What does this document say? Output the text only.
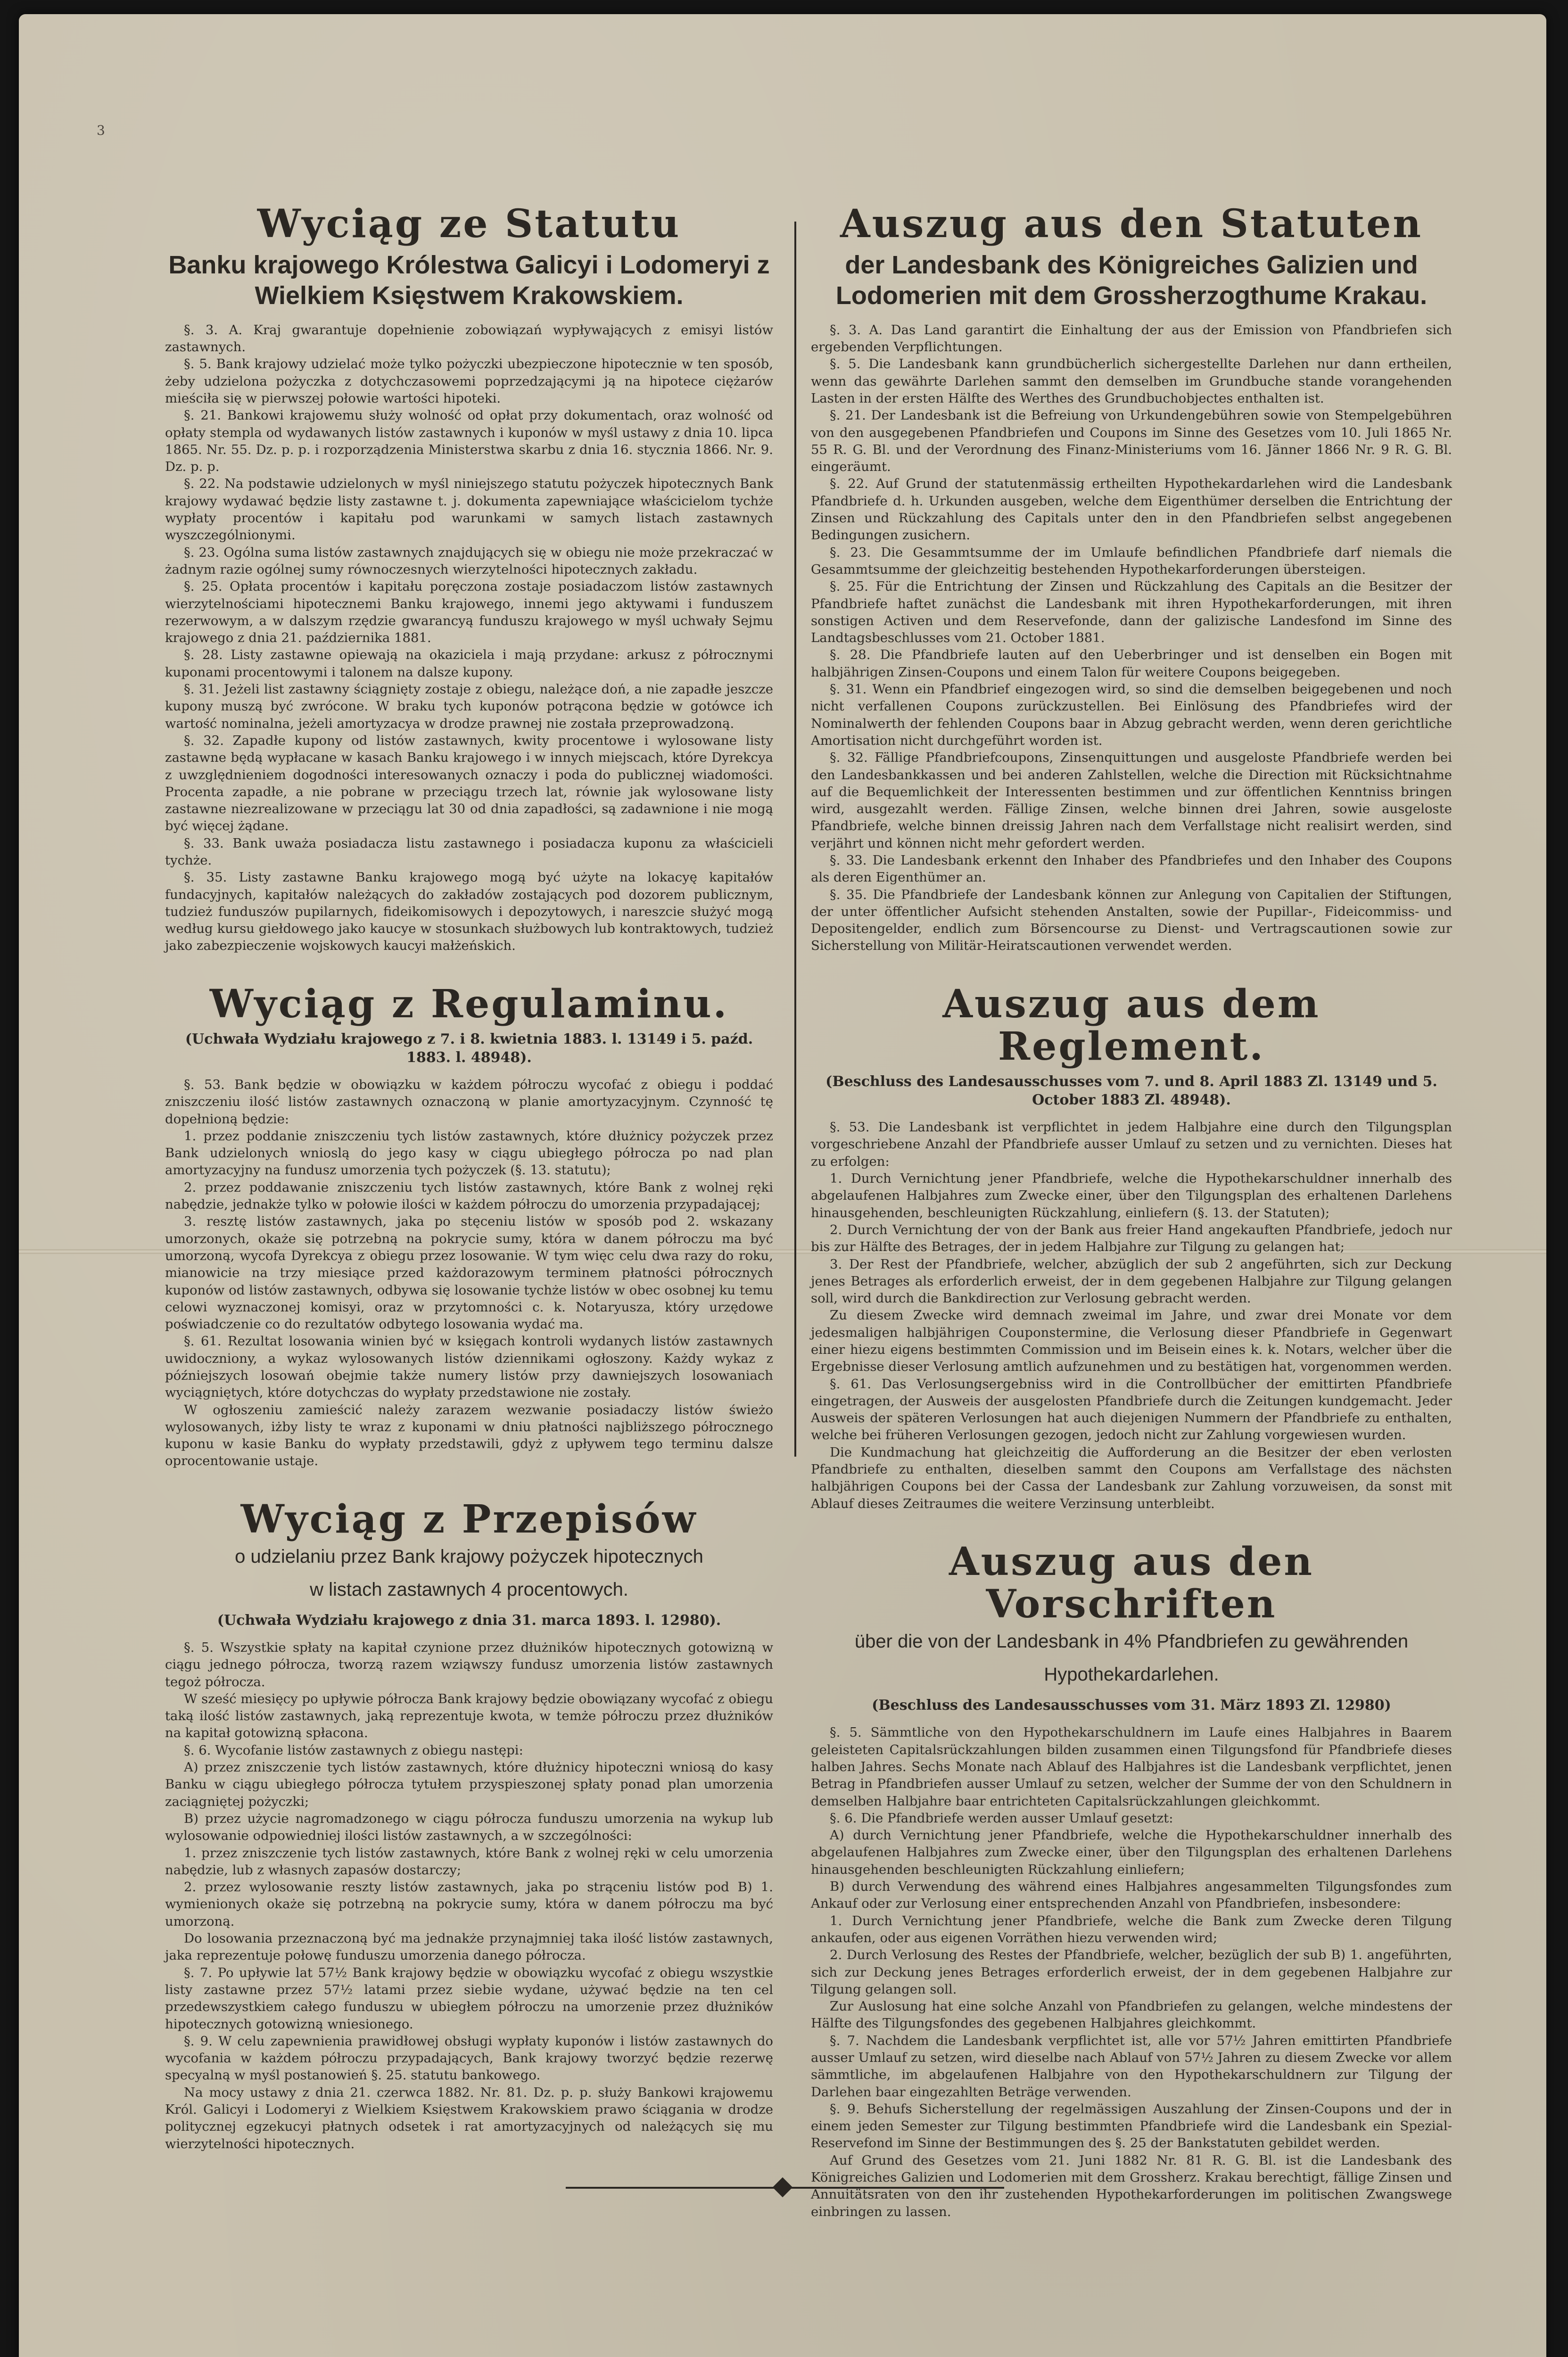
3
Wyciąg ze Statutu
Banku krajowego Królestwa Galicyi i Lodomeryi z Wielkiem Księstwem Krakowskiem.

§. 3. A. Kraj gwarantuje dopełnienie zobowiązań wypływających z emisyi listów zastawnych.

§. 5. Bank krajowy udzielać może tylko pożyczki ubezpieczone hipotecznie w ten sposób, żeby udzielona pożyczka z dotychczasowemi poprzedzającymi ją na hipotece ciężarów mieściła się w pierwszej połowie wartości hipoteki.

§. 21. Bankowi krajowemu służy wolność od opłat przy dokumentach, oraz wolność od opłaty stempla od wydawanych listów zastawnych i kuponów w myśl ustawy z dnia 10. lipca 1865. Nr. 55. Dz. p. p. i rozporządzenia Ministerstwa skarbu z dnia 16. stycznia 1866. Nr. 9. Dz. p. p.

§. 22. Na podstawie udzielonych w myśl niniejszego statutu pożyczek hipotecznych Bank krajowy wydawać będzie listy zastawne t. j. dokumenta zapewniające właścicielom tychże wypłaty procentów i kapitału pod warunkami w samych listach zastawnych wyszczególnionymi.

§. 23. Ogólna suma listów zastawnych znajdujących się w obiegu nie może przekraczać w żadnym razie ogólnej sumy równoczesnych wierzytelności hipotecznych zakładu.

§. 25. Opłata procentów i kapitału poręczona zostaje posiadaczom listów zastawnych wierzytelnościami hipotecznemi Banku krajowego, innemi jego aktywami i funduszem rezerwowym, a w dalszym rzędzie gwarancyą funduszu krajowego w myśl uchwały Sejmu krajowego z dnia 21. października 1881.

§. 28. Listy zastawne opiewają na okaziciela i mają przydane: arkusz z półrocznymi kuponami procentowymi i talonem na dalsze kupony.

§. 31. Jeżeli list zastawny ściągnięty zostaje z obiegu, należące doń, a nie zapadłe jeszcze kupony muszą być zwrócone. W braku tych kuponów potrącona będzie w gotówce ich wartość nominalna, jeżeli amortyzacya w drodze prawnej nie została przeprowadzoną.

§. 32. Zapadłe kupony od listów zastawnych, kwity procentowe i wylosowane listy zastawne będą wypłacane w kasach Banku krajowego i w innych miejscach, które Dyrekcya z uwzględnieniem dogodności interesowanych oznaczy i poda do publicznej wiadomości. Procenta zapadłe, a nie pobrane w przeciągu trzech lat, równie jak wylosowane listy zastawne niezrealizowane w przeciągu lat 30 od dnia zapadłości, są zadawnione i nie mogą być więcej żądane.

§. 33. Bank uważa posiadacza listu zastawnego i posiadacza kuponu za właścicieli tychże.

§. 35. Listy zastawne Banku krajowego mogą być użyte na lokacyę kapitałów fundacyjnych, kapitałów należących do zakładów zostających pod dozorem publicznym, tudzież funduszów pupilarnych, fideikomisowych i depozytowych, i nareszcie służyć mogą według kursu giełdowego jako kaucye w stosunkach służbowych lub kontraktowych, tudzież jako zabezpieczenie wojskowych kaucyi małżeńskich.

Wyciąg z Regulaminu.

(Uchwała Wydziału krajowego z 7. i 8. kwietnia 1883. l. 13149 i 5. paźd. 1883. l. 48948).

§. 53. Bank będzie w obowiązku w każdem półroczu wycofać z obiegu i poddać zniszczeniu ilość listów zastawnych oznaczoną w planie amortyzacyjnym. Czynność tę dopełnioną będzie:

1. przez poddanie zniszczeniu tych listów zastawnych, które dłużnicy pożyczek przez Bank udzielonych wnioslą do jego kasy w ciągu ubiegłego półrocza po nad plan amortyzacyjny na fundusz umorzenia tych pożyczek (§. 13. statutu);

2. przez poddawanie zniszczeniu tych listów zastawnych, które Bank z wolnej ręki nabędzie, jednakże tylko w połowie ilości w każdem półroczu do umorzenia przypadającej;

3. resztę listów zastawnych, jaka po stęceniu listów w sposób pod 2. wskazany umorzonych, okaże się potrzebną na pokrycie sumy, która w danem półroczu ma być umorzoną, wycofa Dyrekcya z obiegu przez losowanie. W tym więc celu dwa razy do roku, mianowicie na trzy miesiące przed każdorazowym terminem płatności półrocznych kuponów od listów zastawnych, odbywa się losowanie tychże listów w obec osobnej ku temu celowi wyznaczonej komisyi, oraz w przytomności c. k. Notaryusza, który urzędowe poświadczenie co do rezultatów odbytego losowania wydać ma.

§. 61. Rezultat losowania winien być w księgach kontroli wydanych listów zastawnych uwidoczniony, a wykaz wylosowanych listów dziennikami ogłoszony. Każdy wykaz z późniejszych losowań obejmie także numery listów przy dawniejszych losowaniach wyciągniętych, które dotychczas do wypłaty przedstawione nie zostały.

W ogłoszeniu zamieścić należy zarazem wezwanie posiadaczy listów świeżo wylosowanych, iżby listy te wraz z kuponami w dniu płatności najbliższego półrocznego kuponu w kasie Banku do wypłaty przedstawili, gdyż z upływem tego terminu dalsze oprocentowanie ustaje.

Wyciąg z Przepisów

o udzielaniu przez Bank krajowy pożyczek hipotecznych

w listach zastawnych 4 procentowych.

(Uchwała Wydziału krajowego z dnia 31. marca 1893. l. 12980).

§. 5. Wszystkie spłaty na kapitał czynione przez dłużników hipotecznych gotowizną w ciągu jednego półrocza, tworzą razem wziąwszy fundusz umorzenia listów zastawnych tegoż półrocza.

W sześć miesięcy po upływie półrocza Bank krajowy będzie obowiązany wycofać z obiegu taką ilość listów zastawnych, jaką reprezentuje kwota, w temże półroczu przez dłużników na kapitał gotowizną spłacona.

§. 6. Wycofanie listów zastawnych z obiegu następi:

A) przez zniszczenie tych listów zastawnych, które dłużnicy hipoteczni wniosą do kasy Banku w ciągu ubiegłego półrocza tytułem przyspieszonej spłaty ponad plan umorzenia zaciągniętej pożyczki;

B) przez użycie nagromadzonego w ciągu półrocza funduszu umorzenia na wykup lub wylosowanie odpowiedniej ilości listów zastawnych, a w szczególności:

1. przez zniszczenie tych listów zastawnych, które Bank z wolnej ręki w celu umorzenia nabędzie, lub z własnych zapasów dostarczy;

2. przez wylosowanie reszty listów zastawnych, jaka po strąceniu listów pod B) 1. wymienionych okaże się potrzebną na pokrycie sumy, która w danem półroczu ma być umorzoną.

Do losowania przeznaczoną być ma jednakże przynajmniej taka ilość listów zastawnych, jaka reprezentuje połowę funduszu umorzenia danego półrocza.

§. 7. Po upływie lat 57½ Bank krajowy będzie w obowiązku wycofać z obiegu wszystkie listy zastawne przez 57½ latami przez siebie wydane, używać będzie na ten cel przedewszystkiem całego funduszu w ubiegłem półroczu na umorzenie przez dłużników hipotecznych gotowizną wniesionego.

§. 9. W celu zapewnienia prawidłowej obsługi wypłaty kuponów i listów zastawnych do wycofania w każdem półroczu przypadających, Bank krajowy tworzyć będzie rezerwę specyalną w myśl postanowień §. 25. statutu bankowego.

Na mocy ustawy z dnia 21. czerwca 1882. Nr. 81. Dz. p. p. służy Bankowi krajowemu Król. Galicyi i Lodomeryi z Wielkiem Księstwem Krakowskiem prawo ściągania w drodze politycznej egzekucyi płatnych odsetek i rat amortyzacyjnych od należących się mu wierzytelności hipotecznych.

Auszug aus den Statuten
der Landesbank des Königreiches Galizien und Lodomerien mit dem Grossherzogthume Krakau.

§. 3. A. Das Land garantirt die Einhaltung der aus der Emission von Pfandbriefen sich ergebenden Verpflichtungen.

§. 5. Die Landesbank kann grundbücherlich sichergestellte Darlehen nur dann ertheilen, wenn das gewährte Darlehen sammt den demselben im Grundbuche stande vorangehenden Lasten in der ersten Hälfte des Werthes des Grundbuchobjectes enthalten ist.

§. 21. Der Landesbank ist die Befreiung von Urkundengebühren sowie von Stempelgebühren von den ausgegebenen Pfandbriefen und Coupons im Sinne des Gesetzes vom 10. Juli 1865 Nr. 55 R. G. Bl. und der Verordnung des Finanz-Ministeriums vom 16. Jänner 1866 Nr. 9 R. G. Bl. eingeräumt.

§. 22. Auf Grund der statutenmässig ertheilten Hypothekardarlehen wird die Landesbank Pfandbriefe d. h. Urkunden ausgeben, welche dem Eigenthümer derselben die Entrichtung der Zinsen und Rückzahlung des Capitals unter den in den Pfandbriefen selbst angegebenen Bedingungen zusichern.

§. 23. Die Gesammtsumme der im Umlaufe befindlichen Pfandbriefe darf niemals die Gesammtsumme der gleichzeitig bestehenden Hypothekarforderungen übersteigen.

§. 25. Für die Entrichtung der Zinsen und Rückzahlung des Capitals an die Besitzer der Pfandbriefe haftet zunächst die Landesbank mit ihren Hypothekarforderungen, mit ihren sonstigen Activen und dem Reservefonde, dann der galizische Landesfond im Sinne des Landtagsbeschlusses vom 21. October 1881.

§. 28. Die Pfandbriefe lauten auf den Ueberbringer und ist denselben ein Bogen mit halbjährigen Zinsen-Coupons und einem Talon für weitere Coupons beigegeben.

§. 31. Wenn ein Pfandbrief eingezogen wird, so sind die demselben beigegebenen und noch nicht verfallenen Coupons zurückzustellen. Bei Einlösung des Pfandbriefes wird der Nominalwerth der fehlenden Coupons baar in Abzug gebracht werden, wenn deren gerichtliche Amortisation nicht durchgeführt worden ist.

§. 32. Fällige Pfandbriefcoupons, Zinsenquittungen und ausgeloste Pfandbriefe werden bei den Landesbankkassen und bei anderen Zahlstellen, welche die Direction mit Rücksichtnahme auf die Bequemlichkeit der Interessenten bestimmen und zur öffentlichen Kenntniss bringen wird, ausgezahlt werden. Fällige Zinsen, welche binnen drei Jahren, sowie ausgeloste Pfandbriefe, welche binnen dreissig Jahren nach dem Verfallstage nicht realisirt werden, sind verjährt und können nicht mehr gefordert werden.

§. 33. Die Landesbank erkennt den Inhaber des Pfandbriefes und den Inhaber des Coupons als deren Eigenthümer an.

§. 35. Die Pfandbriefe der Landesbank können zur Anlegung von Capitalien der Stiftungen, der unter öffentlicher Aufsicht stehenden Anstalten, sowie der Pupillar-, Fideicommiss- und Depositengelder, endlich zum Börsencourse zu Dienst- und Vertragscautionen sowie zur Sicherstellung von Militär-Heiratscautionen verwendet werden.

Auszug aus dem Reglement.

(Beschluss des Landesausschusses vom 7. und 8. April 1883 Zl. 13149 und 5. October 1883 Zl. 48948).

§. 53. Die Landesbank ist verpflichtet in jedem Halbjahre eine durch den Tilgungsplan vorgeschriebene Anzahl der Pfandbriefe ausser Umlauf zu setzen und zu vernichten. Dieses hat zu erfolgen:

1. Durch Vernichtung jener Pfandbriefe, welche die Hypothekarschuldner innerhalb des abgelaufenen Halbjahres zum Zwecke einer, über den Tilgungsplan des erhaltenen Darlehens hinausgehenden, beschleunigten Rückzahlung, einliefern (§. 13. der Statuten);

2. Durch Vernichtung der von der Bank aus freier Hand angekauften Pfandbriefe, jedoch nur bis zur Hälfte des Betrages, der in jedem Halbjahre zur Tilgung zu gelangen hat;

3. Der Rest der Pfandbriefe, welcher, abzüglich der sub 2 angeführten, sich zur Deckung jenes Betrages als erforderlich erweist, der in dem gegebenen Halbjahre zur Tilgung gelangen soll, wird durch die Bankdirection zur Verlosung gebracht werden.

Zu diesem Zwecke wird demnach zweimal im Jahre, und zwar drei Monate vor dem jedesmaligen halbjährigen Couponstermine, die Verlosung dieser Pfandbriefe in Gegenwart einer hiezu eigens bestimmten Commission und im Beisein eines k. k. Notars, welcher über die Ergebnisse dieser Verlosung amtlich aufzunehmen und zu bestätigen hat, vorgenommen werden.

§. 61. Das Verlosungsergebniss wird in die Controllbücher der emittirten Pfandbriefe eingetragen, der Ausweis der ausgelosten Pfandbriefe durch die Zeitungen kundgemacht. Jeder Ausweis der späteren Verlosungen hat auch diejenigen Nummern der Pfandbriefe zu enthalten, welche bei früheren Verlosungen gezogen, jedoch nicht zur Zahlung vorgewiesen wurden.

Die Kundmachung hat gleichzeitig die Aufforderung an die Besitzer der eben verlosten Pfandbriefe zu enthalten, dieselben sammt den Coupons am Verfallstage des nächsten halbjährigen Coupons bei der Cassa der Landesbank zur Zahlung vorzuweisen, da sonst mit Ablauf dieses Zeitraumes die weitere Verzinsung unterbleibt.

Auszug aus den Vorschriften

über die von der Landesbank in 4% Pfandbriefen zu gewährenden

Hypothekardarlehen.

(Beschluss des Landesausschusses vom 31. März 1893 Zl. 12980)

§. 5. Sämmtliche von den Hypothekarschuldnern im Laufe eines Halbjahres in Baarem geleisteten Capitalsrückzahlungen bilden zusammen einen Tilgungsfond für Pfandbriefe dieses halben Jahres. Sechs Monate nach Ablauf des Halbjahres ist die Landesbank verpflichtet, jenen Betrag in Pfandbriefen ausser Umlauf zu setzen, welcher der Summe der von den Schuldnern in demselben Halbjahre baar entrichteten Capitalsrückzahlungen gleichkommt.

§. 6. Die Pfandbriefe werden ausser Umlauf gesetzt:

A) durch Vernichtung jener Pfandbriefe, welche die Hypothekarschuldner innerhalb des abgelaufenen Halbjahres zum Zwecke einer, über den Tilgungsplan des erhaltenen Darlehens hinausgehenden beschleunigten Rückzahlung einliefern;

B) durch Verwendung des während eines Halbjahres angesammelten Tilgungsfondes zum Ankauf oder zur Verlosung einer entsprechenden Anzahl von Pfandbriefen, insbesondere:

1. Durch Vernichtung jener Pfandbriefe, welche die Bank zum Zwecke deren Tilgung ankaufen, oder aus eigenen Vorräthen hiezu verwenden wird;

2. Durch Verlosung des Restes der Pfandbriefe, welcher, bezüglich der sub B) 1. angeführten, sich zur Deckung jenes Betrages erforderlich erweist, der in dem gegebenen Halbjahre zur Tilgung gelangen soll.

Zur Auslosung hat eine solche Anzahl von Pfandbriefen zu gelangen, welche mindestens der Hälfte des Tilgungsfondes des gegebenen Halbjahres gleichkommt.

§. 7. Nachdem die Landesbank verpflichtet ist, alle vor 57½ Jahren emittirten Pfandbriefe ausser Umlauf zu setzen, wird dieselbe nach Ablauf von 57½ Jahren zu diesem Zwecke vor allem sämmtliche, im abgelaufenen Halbjahre von den Hypothekarschuldnern zur Tilgung der Darlehen baar eingezahlten Beträge verwenden.

§. 9. Behufs Sicherstellung der regelmässigen Auszahlung der Zinsen-Coupons und der in einem jeden Semester zur Tilgung bestimmten Pfandbriefe wird die Landesbank ein Spezial-Reservefond im Sinne der Bestimmungen des §. 25 der Bankstatuten gebildet werden.

Auf Grund des Gesetzes vom 21. Juni 1882 Nr. 81 R. G. Bl. ist die Landesbank des Königreiches Galizien und Lodomerien mit dem Grossherz. Krakau berechtigt, fällige Zinsen und Annuitätsraten von den ihr zustehenden Hypothekarforderungen im politischen Zwangswege einbringen zu lassen.
